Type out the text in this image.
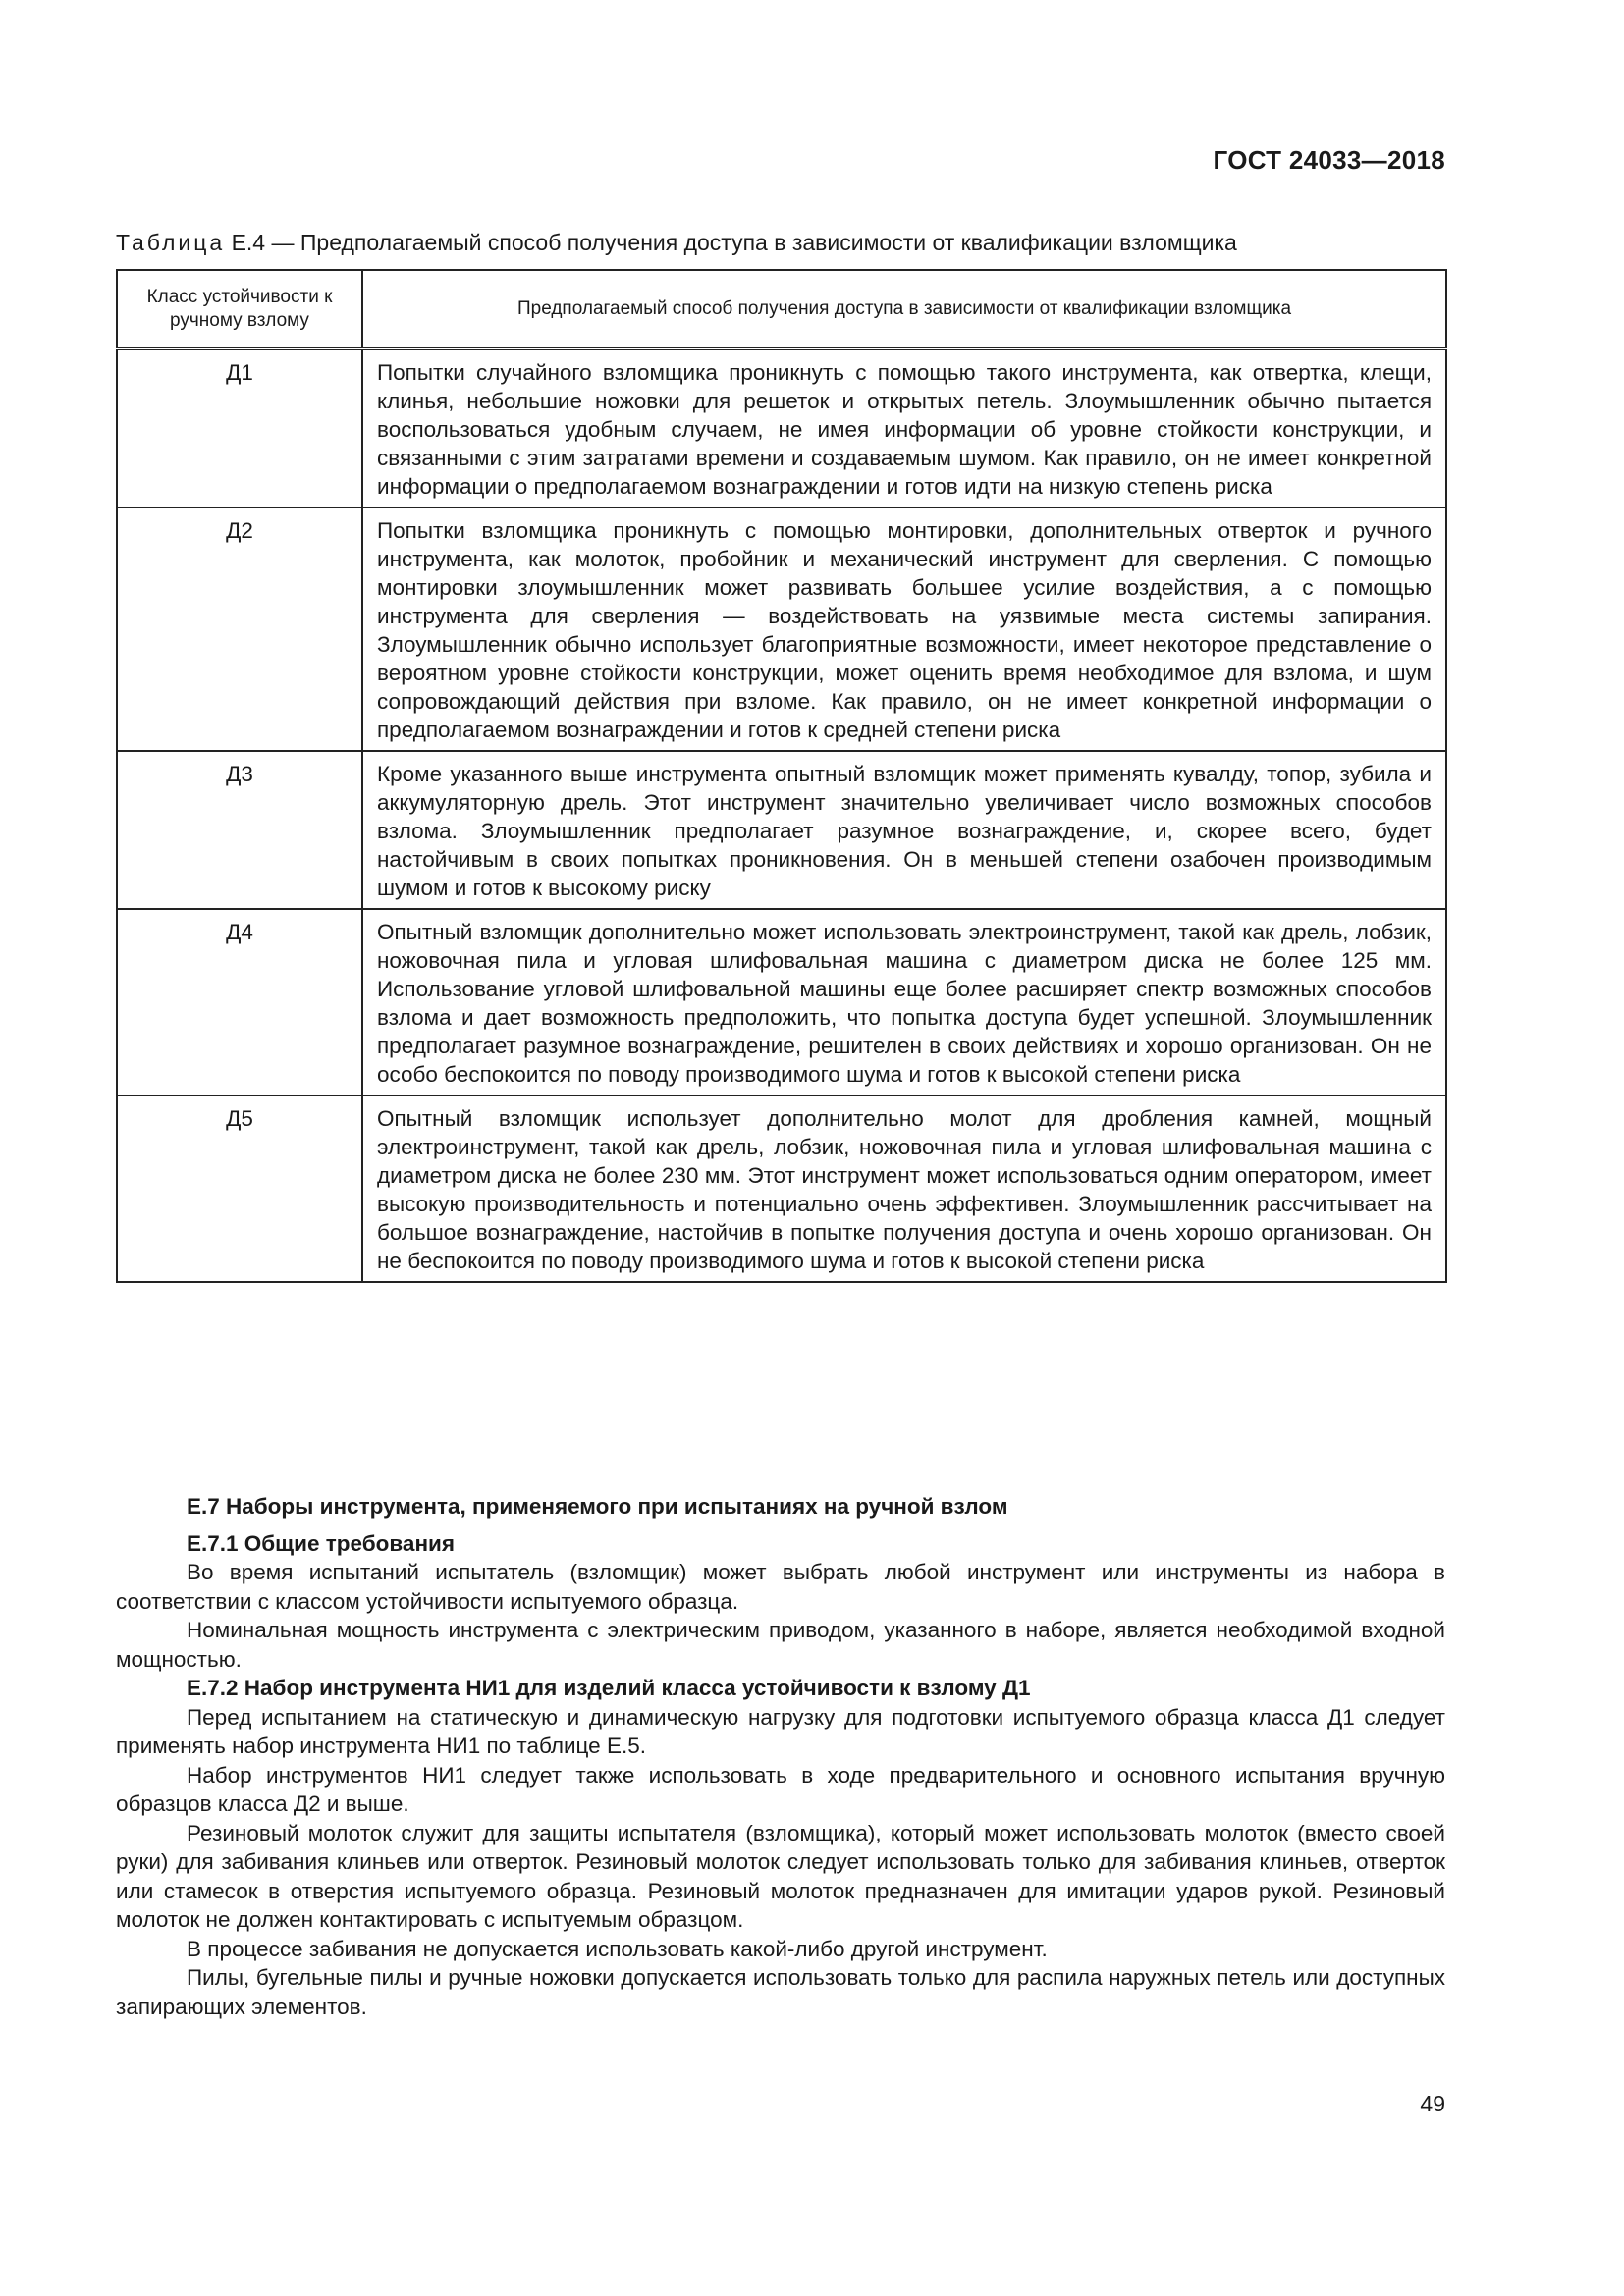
ГОСТ 24033—2018
Таблица Е.4 — Предполагаемый способ получения доступа в зависимости от квалификации взломщика
Класс устойчивости к ручному взлому	Предполагаемый способ получения доступа в зависимости от квалификации взломщика
Д1	Попытки случайного взломщика проникнуть с помощью такого инструмента, как отвертка, клещи, клинья, небольшие ножовки для решеток и открытых петель. Злоумышленник обычно пытается воспользоваться удобным случаем, не имея информации об уровне стойкости конструкции, и связанными с этим затратами времени и создаваемым шумом. Как правило, он не имеет конкретной информации о предполагаемом вознаграждении и готов идти на низкую степень риска
Д2	Попытки взломщика проникнуть с помощью монтировки, дополнительных отверток и ручного инструмента, как молоток, пробойник и механический инструмент для сверления. С помощью монтировки злоумышленник может развивать большее усилие воздействия, а с помощью инструмента для сверления — воздействовать на уязвимые места системы запирания. Злоумышленник обычно использует благоприятные возможности, имеет некоторое представление о вероятном уровне стойкости конструкции, может оценить время необходимое для взлома, и шум сопровождающий действия при взломе. Как правило, он не имеет конкретной информации о предполагаемом вознаграждении и готов к средней степени риска
Д3	Кроме указанного выше инструмента опытный взломщик может применять кувалду, топор, зубила и аккумуляторную дрель. Этот инструмент значительно увеличивает число возможных способов взлома. Злоумышленник предполагает разумное вознаграждение, и, скорее всего, будет настойчивым в своих попытках проникновения. Он в меньшей степени озабочен производимым шумом и готов к высокому риску
Д4	Опытный взломщик дополнительно может использовать электроинструмент, такой как дрель, лобзик, ножовочная пила и угловая шлифовальная машина с диаметром диска не более 125 мм. Использование угловой шлифовальной машины еще более расширяет спектр возможных способов взлома и дает возможность предположить, что попытка доступа будет успешной. Злоумышленник предполагает разумное вознаграждение, решителен в своих действиях и хорошо организован. Он не особо беспокоится по поводу производимого шума и готов к высокой степени риска
Д5	Опытный взломщик использует дополнительно молот для дробления камней, мощный электроинструмент, такой как дрель, лобзик, ножовочная пила и угловая шлифовальная машина с диаметром диска не более 230 мм. Этот инструмент может использоваться одним оператором, имеет высокую производительность и потенциально очень эффективен. Злоумышленник рассчитывает на большое вознаграждение, настойчив в попытке получения доступа и очень хорошо организован. Он не беспокоится по поводу производимого шума и готов к высокой степени риска
Е.7 Наборы инструмента, применяемого при испытаниях на ручной взлом
Е.7.1 Общие требования

Во время испытаний испытатель (взломщик) может выбрать любой инструмент или инструменты из набора в соответствии с классом устойчивости испытуемого образца.

Номинальная мощность инструмента с электрическим приводом, указанного в наборе, является необходимой входной мощностью.

Е.7.2 Набор инструмента НИ1 для изделий класса устойчивости к взлому Д1

Перед испытанием на статическую и динамическую нагрузку для подготовки испытуемого образца класса Д1 следует применять набор инструмента НИ1 по таблице Е.5.

Набор инструментов НИ1 следует также использовать в ходе предварительного и основного испытания вручную образцов класса Д2 и выше.

Резиновый молоток служит для защиты испытателя (взломщика), который может использовать молоток (вместо своей руки) для забивания клиньев или отверток. Резиновый молоток следует использовать только для забивания клиньев, отверток или стамесок в отверстия испытуемого образца. Резиновый молоток предназначен для имитации ударов рукой. Резиновый молоток не должен контактировать с испытуемым образцом.

В процессе забивания не допускается использовать какой-либо другой инструмент.

Пилы, бугельные пилы и ручные ножовки допускается использовать только для распила наружных петель или доступных запирающих элементов.

49
